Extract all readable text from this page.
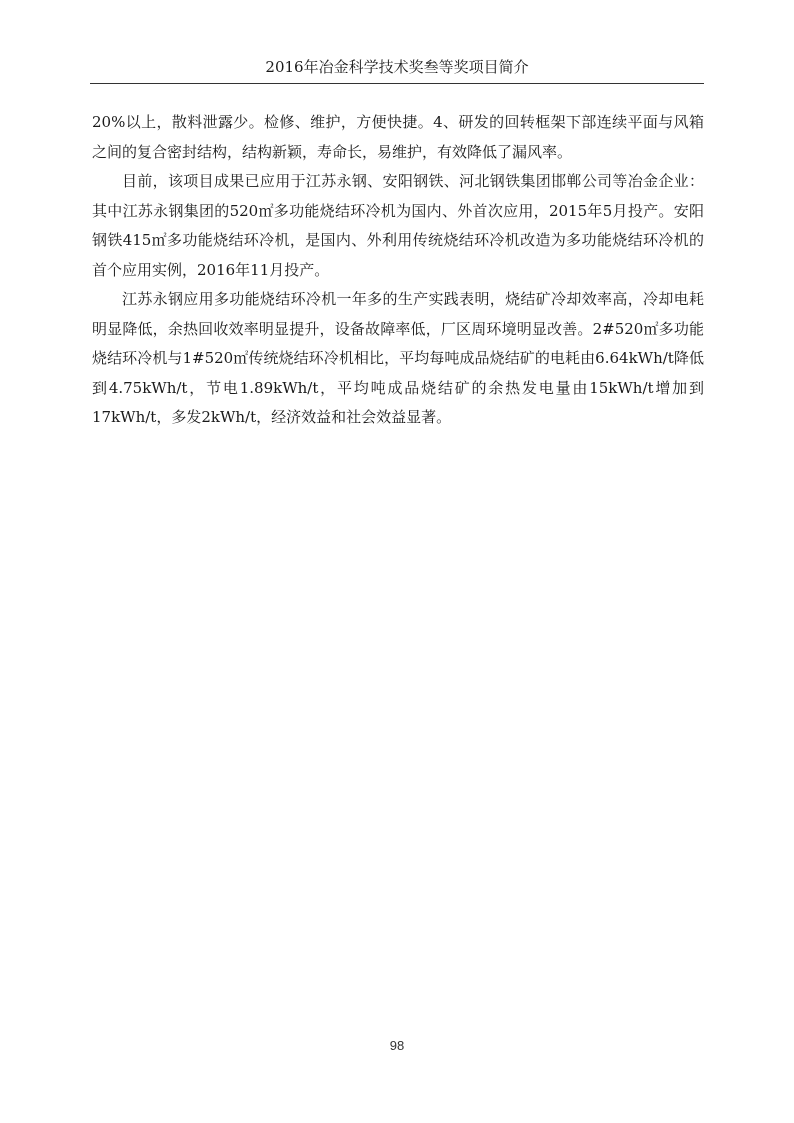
2016年冶金科学技术奖叁等奖项目简介

20%以上，散料泄露少。检修、维护，方便快捷。4、研发的回转框架下部连续平面与风箱之间的复合密封结构，结构新颖，寿命长，易维护，有效降低了漏风率。

目前，该项目成果已应用于江苏永钢、安阳钢铁、河北钢铁集团邯郸公司等冶金企业：其中江苏永钢集团的520㎡多功能烧结环冷机为国内、外首次应用，2015年5月投产。安阳钢铁415㎡多功能烧结环冷机，是国内、外利用传统烧结环冷机改造为多功能烧结环冷机的首个应用实例，2016年11月投产。

江苏永钢应用多功能烧结环冷机一年多的生产实践表明，烧结矿冷却效率高，冷却电耗明显降低，余热回收效率明显提升，设备故障率低，厂区周环境明显改善。2#520㎡多功能烧结环冷机与1#520㎡传统烧结环冷机相比，平均每吨成品烧结矿的电耗由6.64kWh/t降低到4.75kWh/t，节电1.89kWh/t，平均吨成品烧结矿的余热发电量由15kWh/t增加到17kWh/t，多发2kWh/t，经济效益和社会效益显著。

98
